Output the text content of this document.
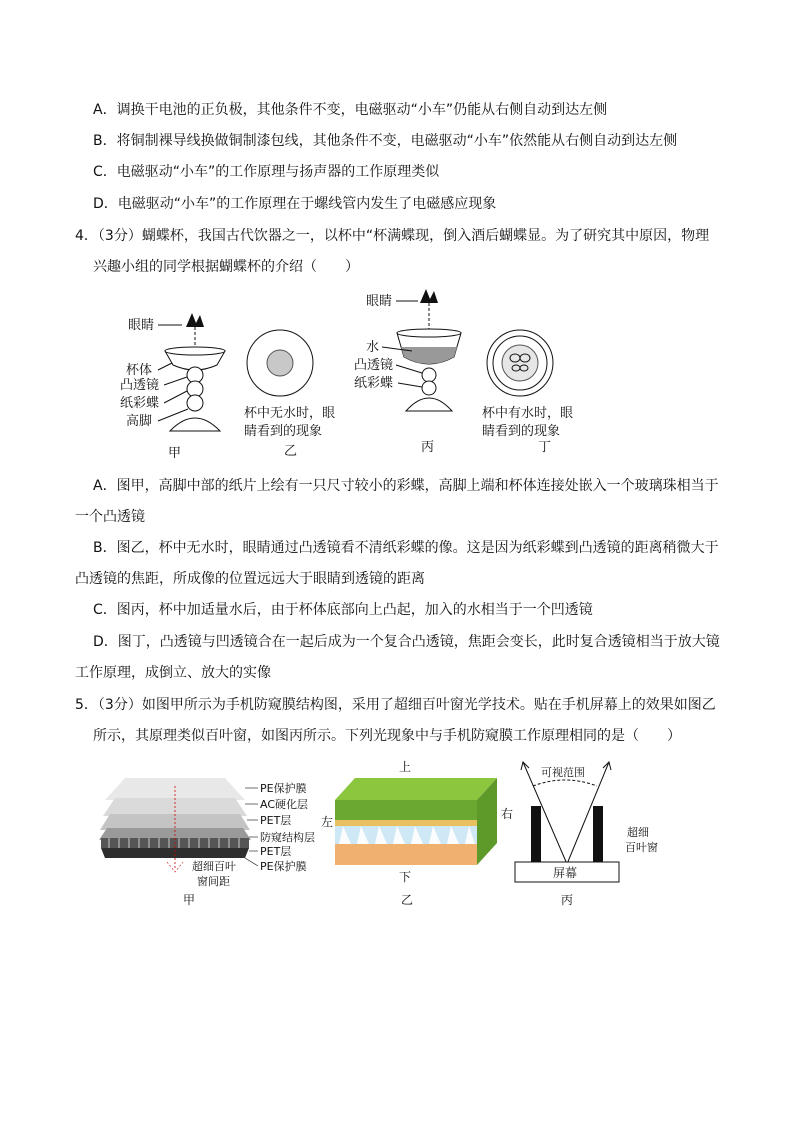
A．调换干电池的正负极，其他条件不变，电磁驱动“小车”仍能从右侧自动到达左侧
B．将铜制裸导线换做铜制漆包线，其他条件不变，电磁驱动“小车”依然能从右侧自动到达左侧
C．电磁驱动“小车”的工作原理与扬声器的工作原理类似
D．电磁驱动“小车”的工作原理在于螺线管内发生了电磁感应现象
4．（3分）蝴蝶杯，我国古代饮器之一，以杯中“杯满蝶现，倒入酒后蝴蝶显。为了研究其中原因，物理
兴趣小组的同学根据蝴蝶杯的介绍（　　）
眼睛
杯体
凸透镜
纸彩蝶
高脚
甲
杯中无水时，眼
睛看到的现象
乙
眼睛
水
凸透镜
纸彩蝶
丙
杯中有水时，眼
睛看到的现象
丁
A．图甲，高脚中部的纸片上绘有一只尺寸较小的彩蝶，高脚上端和杯体连接处嵌入一个玻璃珠相当于
一个凸透镜
B．图乙，杯中无水时，眼睛通过凸透镜看不清纸彩蝶的像。这是因为纸彩蝶到凸透镜的距离稍微大于
凸透镜的焦距，所成像的位置远远大于眼睛到透镜的距离
C．图丙，杯中加适量水后，由于杯体底部向上凸起，加入的水相当于一个凹透镜
D．图丁，凸透镜与凹透镜合在一起后成为一个复合凸透镜，焦距会变长，此时复合透镜相当于放大镜
工作原理，成倒立、放大的实像
5．（3分）如图甲所示为手机防窥膜结构图，采用了超细百叶窗光学技术。贴在手机屏幕上的效果如图乙
所示，其原理类似百叶窗，如图丙所示。下列光现象中与手机防窥膜工作原理相同的是（　　）
PE保护膜
AC硬化层
PET层
防窥结构层
PET层
PE保护膜
超细百叶
窗间距
甲
上
左
右
下
乙
可视范围
屏幕
超细
百叶窗
丙
